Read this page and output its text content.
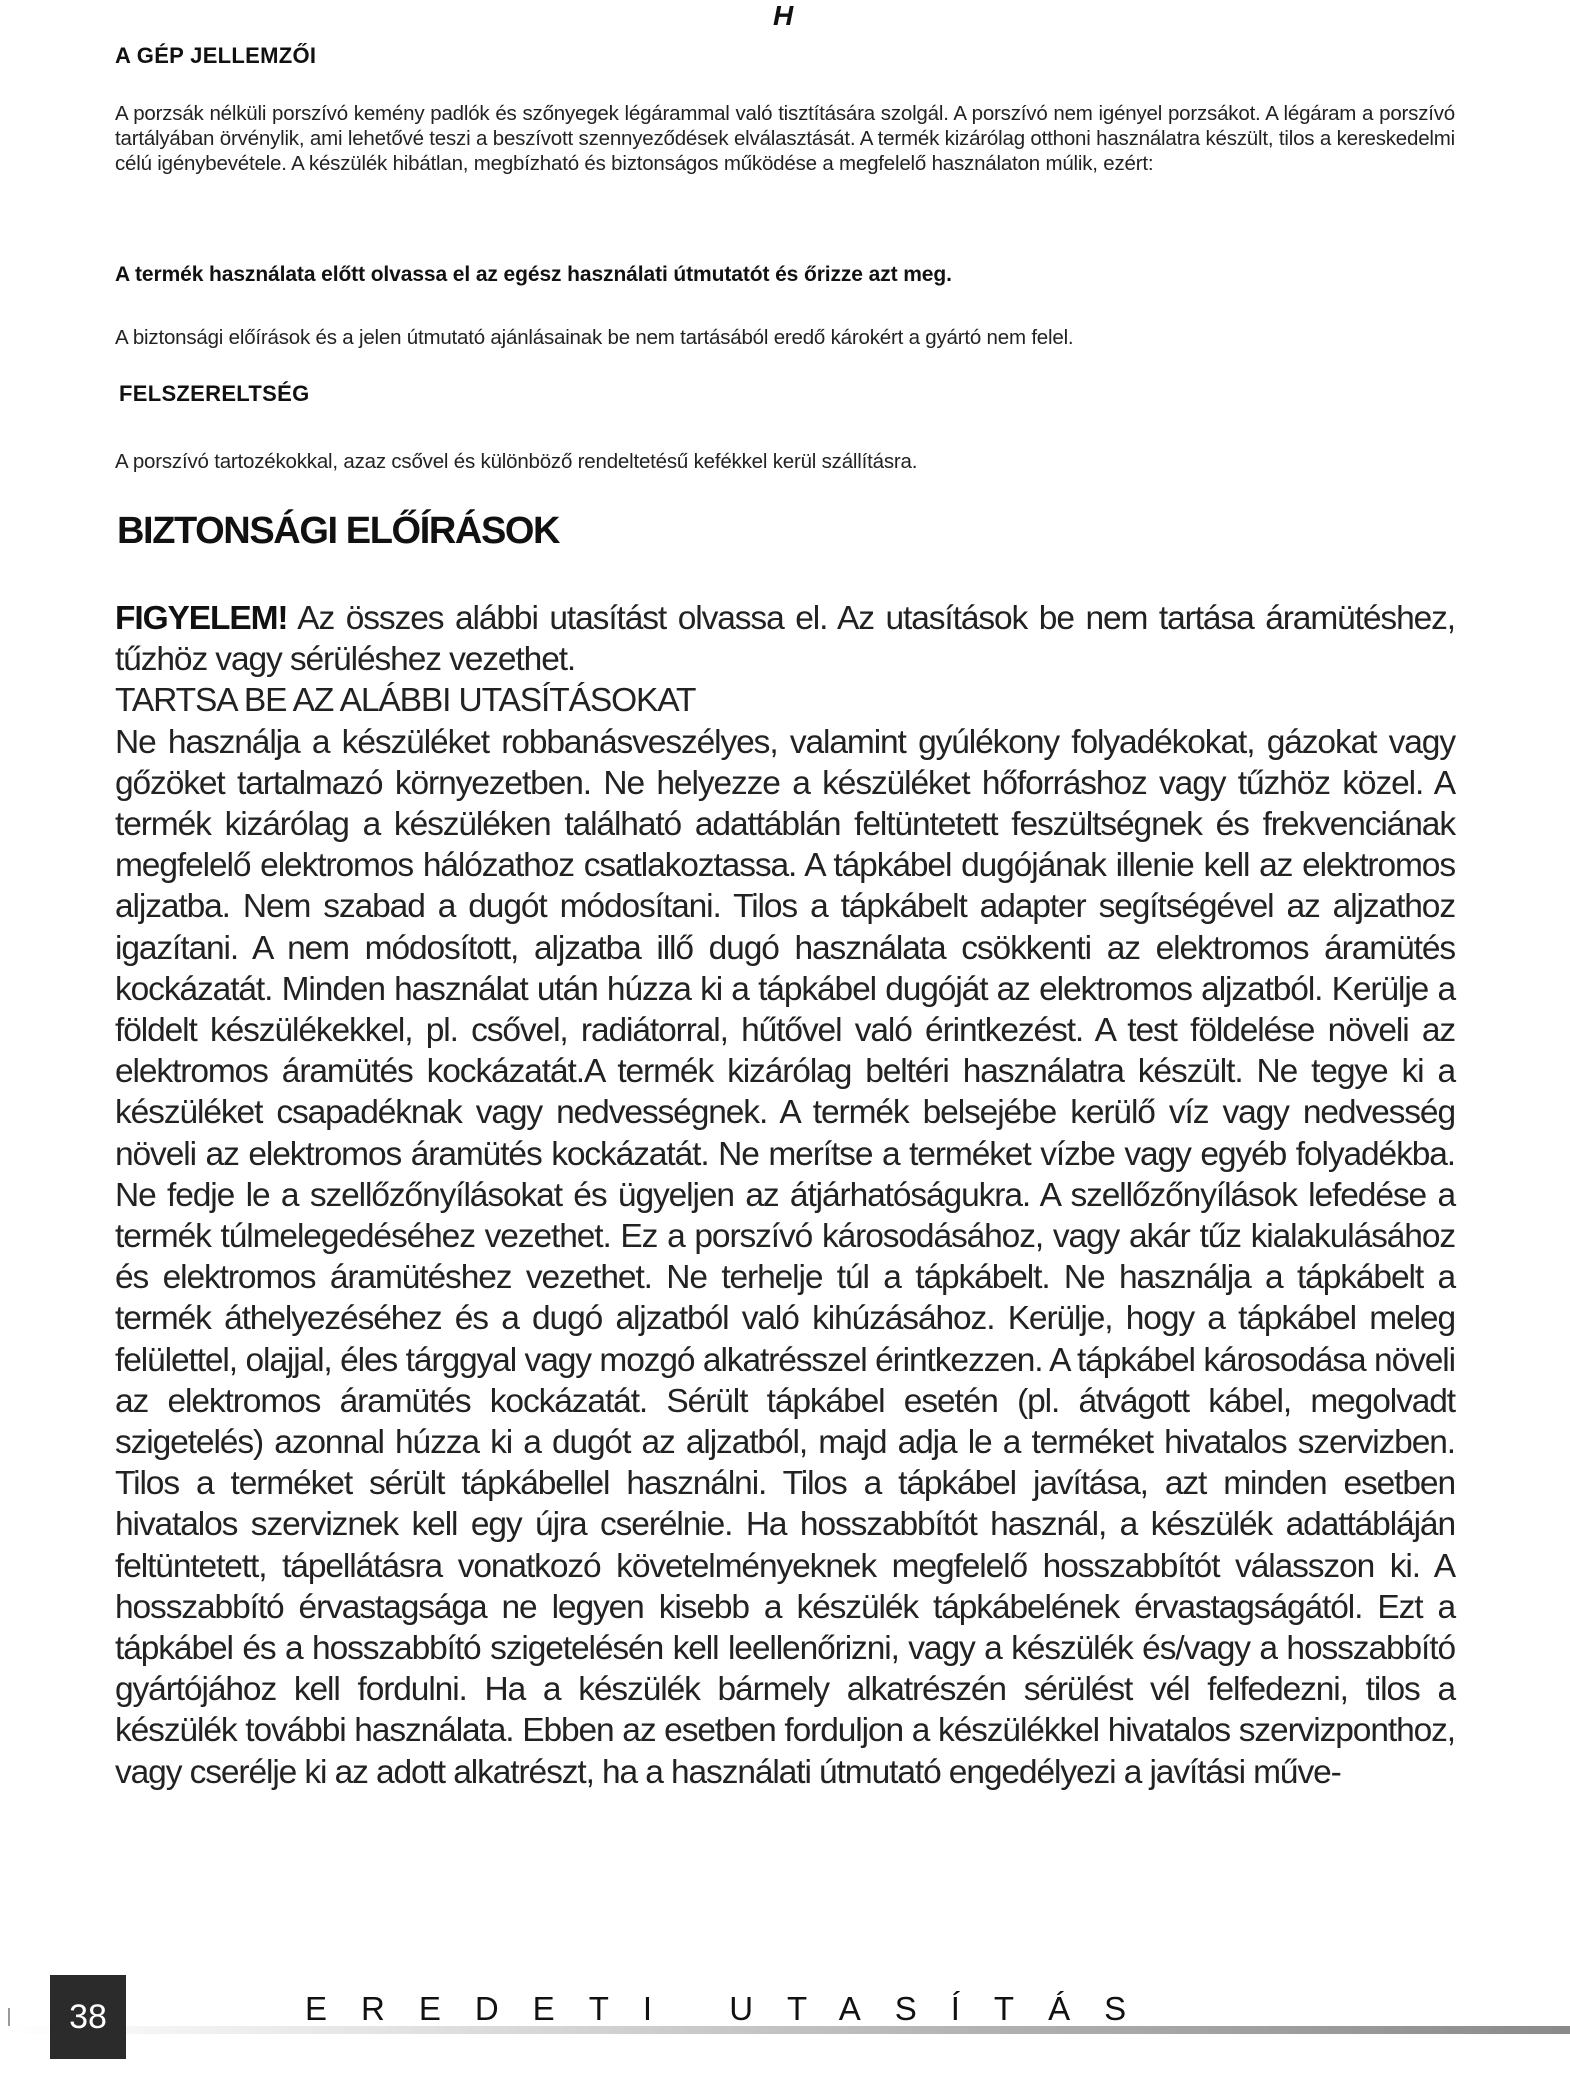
H
A GÉP JELLEMZŐI
A porzsák nélküli porszívó kemény padlók és szőnyegek légárammal való tisztítására szolgál. A porszívó nem igényel porzsákot. A légáram a porszívó tartályában örvénylik, ami lehetővé teszi a beszívott szennyeződések elválasztását. A termék kizárólag otthoni használatra készült, tilos a kereskedelmi célú igénybevétele. A készülék hibátlan, megbízható és biztonságos működése a megfelelő használaton múlik, ezért:
A termék használata előtt olvassa el az egész használati útmutatót és őrizze azt meg.
A biztonsági előírások és a jelen útmutató ajánlásainak be nem tartásából eredő károkért a gyártó nem felel.
FELSZERELTSÉG
A porszívó tartozékokkal, azaz csővel és különböző rendeltetésű kefékkel kerül szállításra.
BIZTONSÁGI ELŐÍRÁSOK

FIGYELEM! Az összes alábbi utasítást olvassa el. Az utasítások be nem tartása áramütéshez, tűzhöz vagy sérüléshez vezethet.

TARTSA BE AZ ALÁBBI UTASÍTÁSOKAT

Ne használja a készüléket robbanásveszélyes, valamint gyúlékony folyadékokat, gázokat vagy gőzöket tartalmazó környezetben. Ne helyezze a készüléket hőforráshoz vagy tűzhöz közel. A termék kizárólag a készüléken található adattáblán feltüntetett feszültségnek és frekvenciának megfelelő elektromos hálózathoz csatlakoztassa. A tápkábel dugójának illenie kell az elektromos aljzatba. Nem szabad a dugót módosítani. Tilos a tápkábelt adapter segítségével az aljzathoz igazítani. A nem módosított, aljzatba illő dugó használata csökkenti az elektromos áramütés kockázatát. Minden használat után húzza ki a tápkábel dugóját az elektromos aljzatból. Kerülje a földelt készülékekkel, pl. csővel, radiátorral, hűtővel való érintkezést. A test földelése növeli az elektromos áramütés kockázatát.A termék kizárólag beltéri használatra készült. Ne tegye ki a készüléket csapadéknak vagy nedvességnek. A termék belsejébe kerülő víz vagy nedvesség növeli az elektromos áramütés kockázatát. Ne merítse a terméket vízbe vagy egyéb folyadékba. Ne fedje le a szellőzőnyílásokat és ügyeljen az átjárhatóságukra. A szellőzőnyílások lefedése a termék túlmelegedéséhez vezethet. Ez a porszívó károsodásához, vagy akár tűz kialakulásához és elektromos áramütéshez vezethet. Ne terhelje túl a tápkábelt. Ne használja a tápkábelt a termék áthelyezéséhez és a dugó aljzatból való kihúzásához. Kerülje, hogy a tápkábel meleg felülettel, olajjal, éles tárggyal vagy mozgó alkatrésszel érintkezzen. A tápkábel károsodása növeli az elektromos áramütés kockázatát. Sérült tápkábel esetén (pl. átvágott kábel, megolvadt szigetelés) azonnal húzza ki a dugót az aljzatból, majd adja le a terméket hivatalos szervizben. Tilos a terméket sérült tápkábellel használni. Tilos a tápkábel javítása, azt minden esetben hivatalos szerviznek kell egy újra cserélnie. Ha hosszabbítót használ, a készülék adattábláján feltüntetett, tápellátásra vonatkozó követelményeknek megfelelő hosszabbítót válasszon ki. A hosszabbító érvastagsága ne legyen kisebb a készülék tápkábelének érvastagságától. Ezt a tápkábel és a hosszabbító szigetelésén kell leellenőrizni, vagy a készülék és/vagy a hosszabbító gyártójához kell fordulni. Ha a készülék bármely alkatrészén sérülést vél felfedezni, tilos a készülék további használata. Ebben az esetben forduljon a készülékkel hivatalos szervizponthoz, vagy cserélje ki az adott alkatrészt, ha a használati útmutató engedélyezi a javítási műve-

38	EREDETI UTASÍTÁS
